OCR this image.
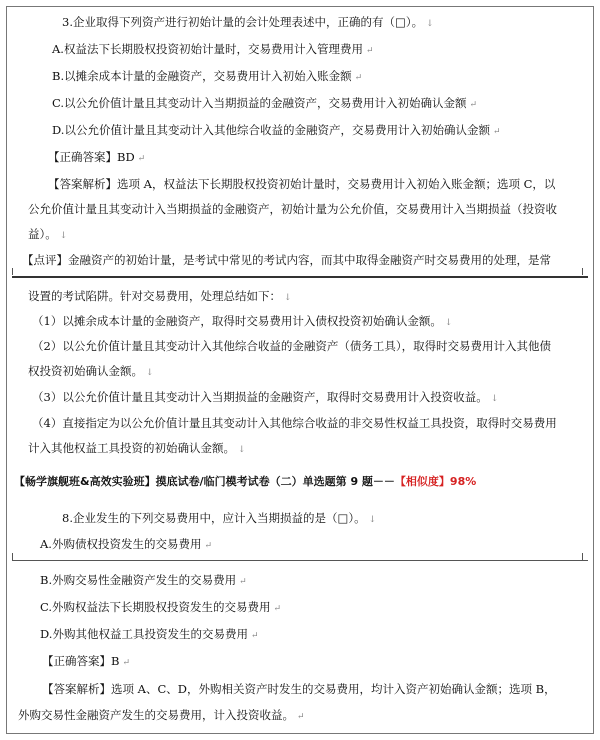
3.企业取得下列资产进行初始计量的会计处理表述中，正确的有（□）。 ↓
A.权益法下长期股权投资初始计量时，交易费用计入管理费用 ↵
B.以摊余成本计量的金融资产，交易费用计入初始入账金额 ↵
C.以公允价值计量且其变动计入当期损益的金融资产，交易费用计入初始确认金额 ↵
D.以公允价值计量且其变动计入其他综合收益的金融资产，交易费用计入初始确认金额 ↵
【正确答案】BD ↵
【答案解析】选项 A，权益法下长期股权投资初始计量时，交易费用计入初始入账金额；选项 C，以
公允价值计量且其变动计入当期损益的金融资产，初始计量为公允价值，交易费用计入当期损益（投资收
益）。 ↓
【点评】金融资产的初始计量，是考试中常见的考试内容，而其中取得金融资产时交易费用的处理，是常
设置的考试陷阱。针对交易费用，处理总结如下： ↓
（1）以摊余成本计量的金融资产，取得时交易费用计入债权投资初始确认金额。 ↓
（2）以公允价值计量且其变动计入其他综合收益的金融资产（债务工具），取得时交易费用计入其他债
权投资初始确认金额。 ↓
（3）以公允价值计量且其变动计入当期损益的金融资产，取得时交易费用计入投资收益。 ↓
（4）直接指定为以公允价值计量且其变动计入其他综合收益的非交易性权益工具投资，取得时交易费用
计入其他权益工具投资的初始确认金额。 ↓
【畅学旗舰班&高效实验班】摸底试卷/临门模考试卷（二）单选题第 9 题－－【相似度】98%
8.企业发生的下列交易费用中，应计入当期损益的是（□）。 ↓
A.外购债权投资发生的交易费用 ↵
B.外购交易性金融资产发生的交易费用 ↵
C.外购权益法下长期股权投资发生的交易费用 ↵
D.外购其他权益工具投资发生的交易费用 ↵
【正确答案】B ↵
【答案解析】选项 A、C、D，外购相关资产时发生的交易费用，均计入资产初始确认金额；选项 B，
外购交易性金融资产发生的交易费用，计入投资收益。 ↵
